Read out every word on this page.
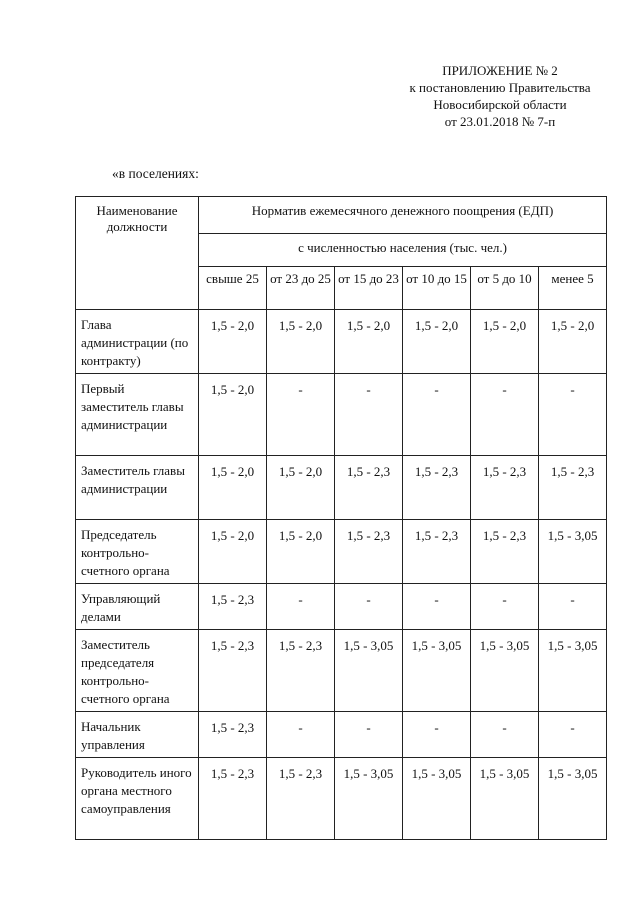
ПРИЛОЖЕНИЕ № 2
к постановлению Правительства
Новосибирской области
от 23.01.2018 № 7-п
«в поселениях:
Наименование должности	Норматив ежемесячного денежного поощрения (ЕДП)					
	с численностью населения (тыс. чел.)					
	свыше 25	от 23 до 25	от 15 до 23	от 10 до 15	от 5 до 10	менее 5
Глава администрации (по контракту)	1,5 - 2,0	1,5 - 2,0	1,5 - 2,0	1,5 - 2,0	1,5 - 2,0	1,5 - 2,0
Первый заместитель главы администрации	1,5 - 2,0	-	-	-	-	-
Заместитель главы администрации	1,5 - 2,0	1,5 - 2,0	1,5 - 2,3	1,5 - 2,3	1,5 - 2,3	1,5 - 2,3
Председатель контрольно-счетного органа	1,5 - 2,0	1,5 - 2,0	1,5 - 2,3	1,5 - 2,3	1,5 - 2,3	1,5 - 3,05
Управляющий делами	1,5 - 2,3	-	-	-	-	-
Заместитель председателя контрольно-счетного органа	1,5 - 2,3	1,5 - 2,3	1,5 - 3,05	1,5 - 3,05	1,5 - 3,05	1,5 - 3,05
Начальник управления	1,5 - 2,3	-	-	-	-	-
Руководитель иного органа местного самоуправления	1,5 - 2,3	1,5 - 2,3	1,5 - 3,05	1,5 - 3,05	1,5 - 3,05	1,5 - 3,05
